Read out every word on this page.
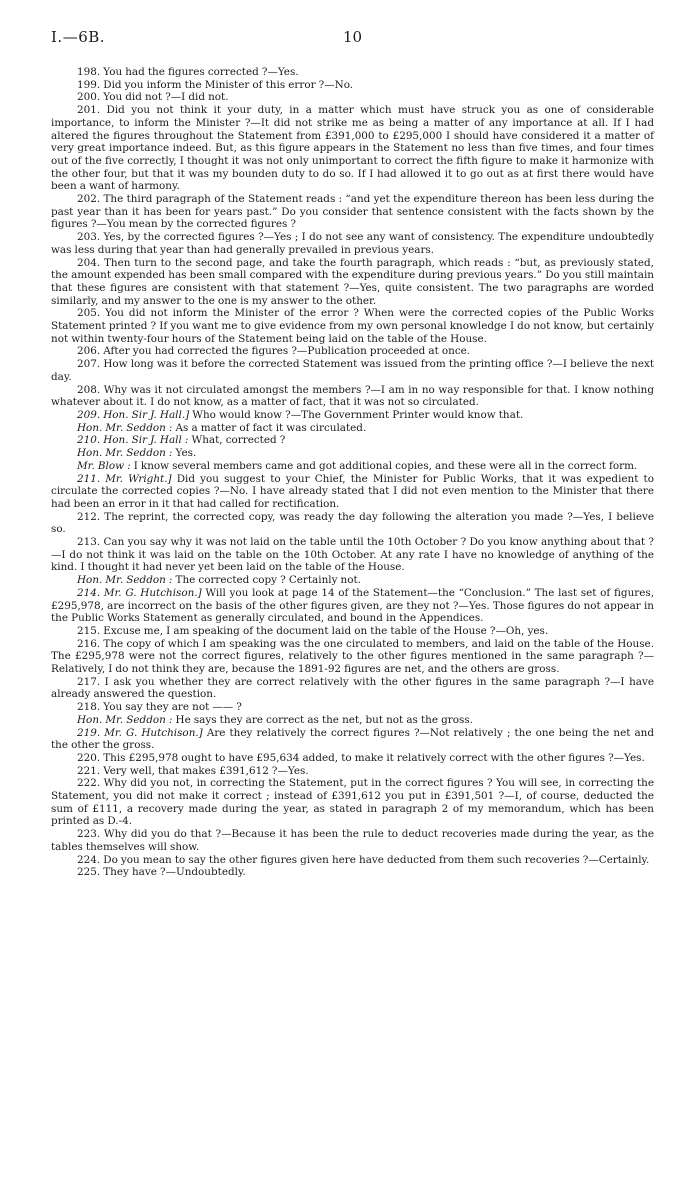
I.—6B.	10

198. You had the figures corrected ?—Yes.

199. Did you inform the Minister of this error ?—No.

200. You did not ?—I did not.

201. Did you not think it your duty, in a matter which must have struck you as one of considerable importance, to inform the Minister ?—It did not strike me as being a matter of any importance at all. If I had altered the figures throughout the Statement from £391,000 to £295,000 I should have considered it a matter of very great importance indeed. But, as this figure appears in the Statement no less than five times, and four times out of the five correctly, I thought it was not only unimportant to correct the fifth figure to make it harmonize with the other four, but that it was my bounden duty to do so. If I had allowed it to go out as at first there would have been a want of harmony.

202. The third paragraph of the Statement reads : “and yet the expenditure thereon has been less during the past year than it has been for years past.” Do you consider that sentence consistent with the facts shown by the figures ?—You mean by the corrected figures ?

203. Yes, by the corrected figures ?—Yes ; I do not see any want of consistency. The expenditure undoubtedly was less during that year than had generally prevailed in previous years.

204. Then turn to the second page, and take the fourth paragraph, which reads : “but, as previously stated, the amount expended has been small compared with the expenditure during previous years.” Do you still maintain that these figures are consistent with that statement ?—Yes, quite consistent. The two paragraphs are worded similarly, and my answer to the one is my answer to the other.

205. You did not inform the Minister of the error ? When were the corrected copies of the Public Works Statement printed ? If you want me to give evidence from my own personal knowledge I do not know, but certainly not within twenty-four hours of the Statement being laid on the table of the House.

206. After you had corrected the figures ?—Publication proceeded at once.

207. How long was it before the corrected Statement was issued from the printing office ?—I believe the next day.

208. Why was it not circulated amongst the members ?—I am in no way responsible for that. I know nothing whatever about it. I do not know, as a matter of fact, that it was not so circulated.

209. Hon. Sir J. Hall.] Who would know ?—The Government Printer would know that.

Hon. Mr. Seddon : As a matter of fact it was circulated.

210. Hon. Sir J. Hall : What, corrected ?

Hon. Mr. Seddon : Yes.

Mr. Blow : I know several members came and got additional copies, and these were all in the correct form.

211. Mr. Wright.] Did you suggest to your Chief, the Minister for Public Works, that it was expedient to circulate the corrected copies ?—No. I have already stated that I did not even mention to the Minister that there had been an error in it that had called for rectification.

212. The reprint, the corrected copy, was ready the day following the alteration you made ?—Yes, I believe so.

213. Can you say why it was not laid on the table until the 10th October ? Do you know anything about that ?—I do not think it was laid on the table on the 10th October. At any rate I have no knowledge of anything of the kind. I thought it had never yet been laid on the table of the House.

Hon. Mr. Seddon : The corrected copy ? Certainly not.

214. Mr. G. Hutchison.] Will you look at page 14 of the Statement—the “Conclusion.” The last set of figures, £295,978, are incorrect on the basis of the other figures given, are they not ?—Yes. Those figures do not appear in the Public Works Statement as generally circulated, and bound in the Appendices.

215. Excuse me, I am speaking of the document laid on the table of the House ?—Oh, yes.

216. The copy of which I am speaking was the one circulated to members, and laid on the table of the House. The £295,978 were not the correct figures, relatively to the other figures mentioned in the same paragraph ?—Relatively, I do not think they are, because the 1891-92 figures are net, and the others are gross.

217. I ask you whether they are correct relatively with the other figures in the same paragraph ?—I have already answered the question.

218. You say they are not —— ?

Hon. Mr. Seddon : He says they are correct as the net, but not as the gross.

219. Mr. G. Hutchison.] Are they relatively the correct figures ?—Not relatively ; the one being the net and the other the gross.

220. This £295,978 ought to have £95,634 added, to make it relatively correct with the other figures ?—Yes.

221. Very well, that makes £391,612 ?—Yes.

222. Why did you not, in correcting the Statement, put in the correct figures ? You will see, in correcting the Statement, you did not make it correct ; instead of £391,612 you put in £391,501 ?—I, of course, deducted the sum of £111, a recovery made during the year, as stated in paragraph 2 of my memorandum, which has been printed as D.-4.

223. Why did you do that ?—Because it has been the rule to deduct recoveries made during the year, as the tables themselves will show.

224. Do you mean to say the other figures given here have deducted from them such recoveries ?—Certainly.

225. They have ?—Undoubtedly.
